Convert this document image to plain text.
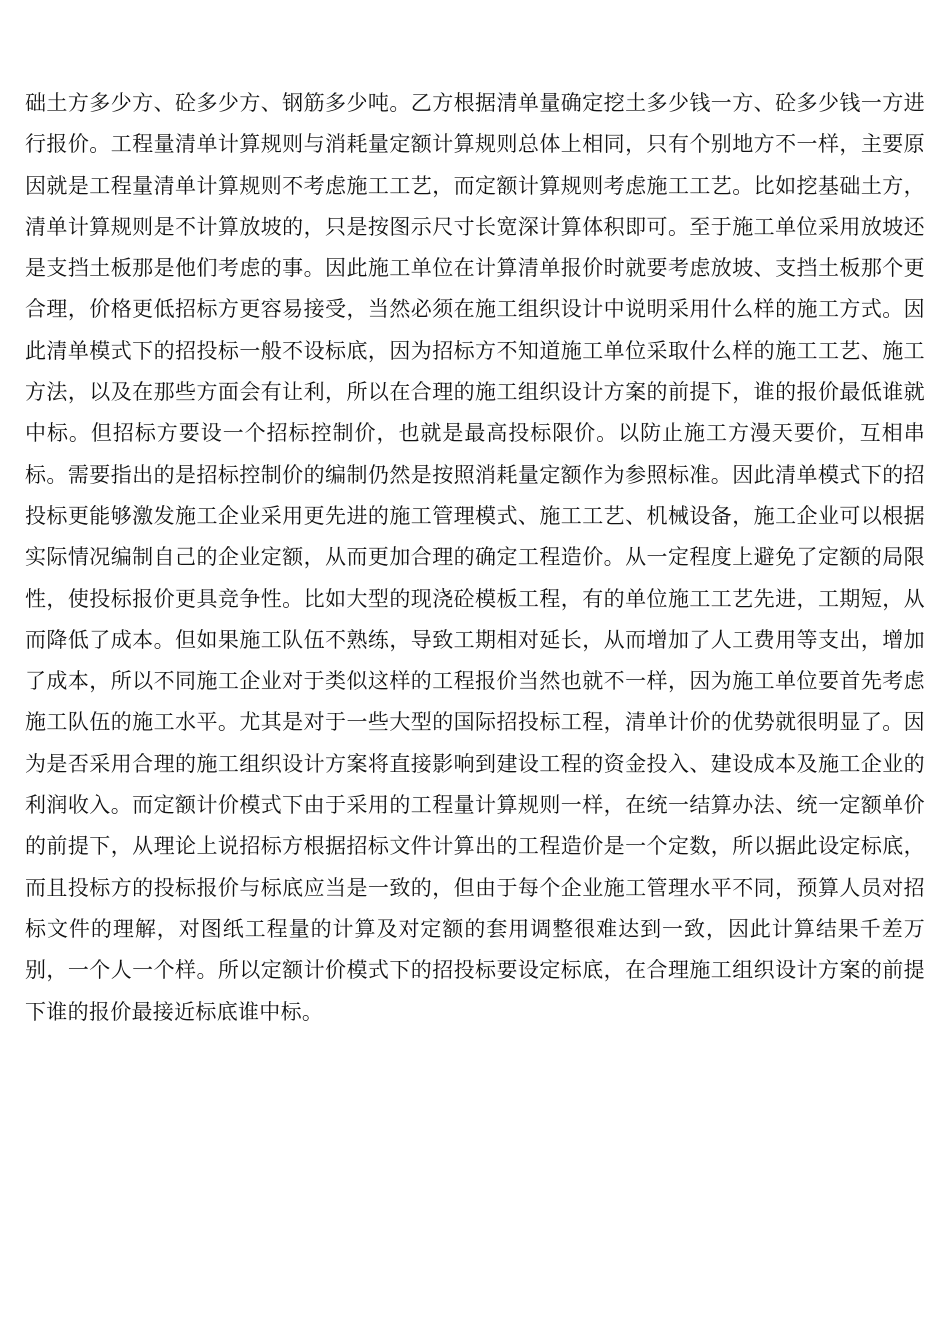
础土方多少方、砼多少方、钢筋多少吨。乙方根据清单量确定挖土多少钱一方、砼多少钱一方进行报价。工程量清单计算规则与消耗量定额计算规则总体上相同，只有个别地方不一样，主要原因就是工程量清单计算规则不考虑施工工艺，而定额计算规则考虑施工工艺。比如挖基础土方，清单计算规则是不计算放坡的，只是按图示尺寸长宽深计算体积即可。至于施工单位采用放坡还是支挡土板那是他们考虑的事。因此施工单位在计算清单报价时就要考虑放坡、支挡土板那个更合理，价格更低招标方更容易接受，当然必须在施工组织设计中说明采用什么样的施工方式。因此清单模式下的招投标一般不设标底，因为招标方不知道施工单位采取什么样的施工工艺、施工方法，以及在那些方面会有让利，所以在合理的施工组织设计方案的前提下，谁的报价最低谁就中标。但招标方要设一个招标控制价，也就是最高投标限价。以防止施工方漫天要价，互相串标。需要指出的是招标控制价的编制仍然是按照消耗量定额作为参照标准。因此清单模式下的招投标更能够激发施工企业采用更先进的施工管理模式、施工工艺、机械设备，施工企业可以根据实际情况编制自己的企业定额，从而更加合理的确定工程造价。从一定程度上避免了定额的局限性，使投标报价更具竞争性。比如大型的现浇砼模板工程，有的单位施工工艺先进，工期短，从而降低了成本。但如果施工队伍不熟练，导致工期相对延长，从而增加了人工费用等支出，增加了成本，所以不同施工企业对于类似这样的工程报价当然也就不一样，因为施工单位要首先考虑施工队伍的施工水平。尤其是对于一些大型的国际招投标工程，清单计价的优势就很明显了。因为是否采用合理的施工组织设计方案将直接影响到建设工程的资金投入、建设成本及施工企业的利润收入。而定额计价模式下由于采用的工程量计算规则一样，在统一结算办法、统一定额单价的前提下，从理论上说招标方根据招标文件计算出的工程造价是一个定数，所以据此设定标底，而且投标方的投标报价与标底应当是一致的，但由于每个企业施工管理水平不同，预算人员对招标文件的理解，对图纸工程量的计算及对定额的套用调整很难达到一致，因此计算结果千差万别，一个人一个样。所以定额计价模式下的招投标要设定标底，在合理施工组织设计方案的前提下谁的报价最接近标底谁中标。
